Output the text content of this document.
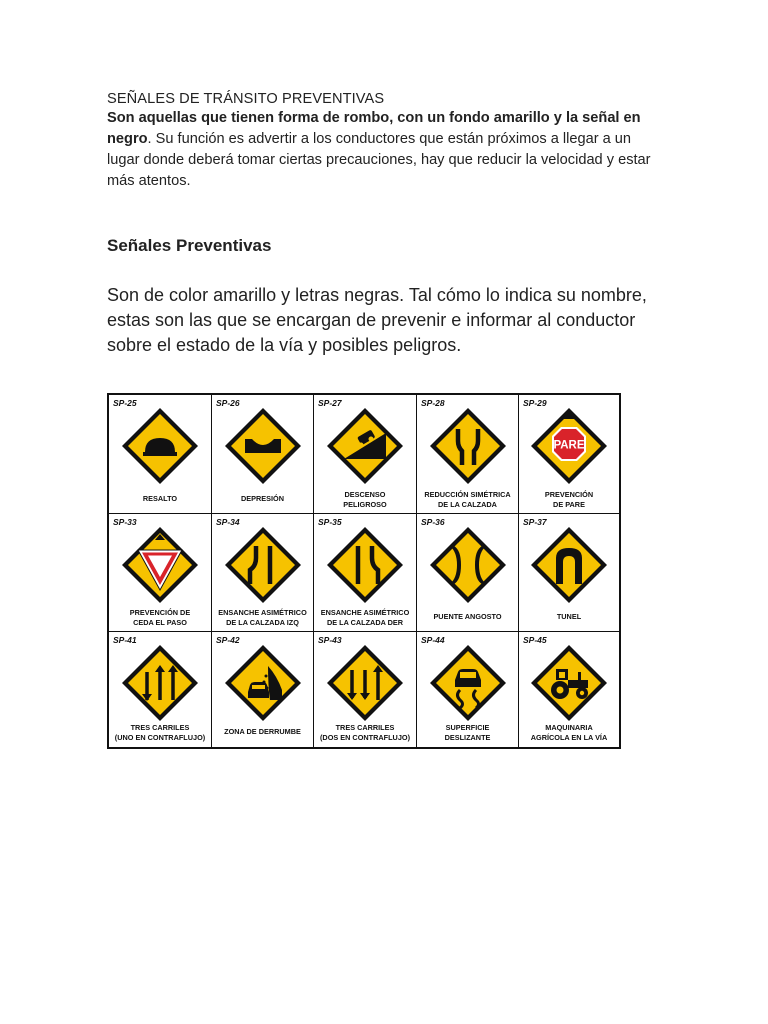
SEÑALES DE TRÁNSITO PREVENTIVAS
Son aquellas que tienen forma de rombo, con un fondo amarillo y la señal en negro. Su función es advertir a los conductores que están próximos a llegar a un lugar donde deberá tomar ciertas precauciones, hay que reducir la velocidad y estar más atentos.
Señales Preventivas
Son de color amarillo y letras negras. Tal cómo lo indica su nombre, estas son las que se encargan de prevenir e informar al conductor sobre el estado de la vía y posibles peligros.
SP-25
RESALTO
SP-26
DEPRESIÓN
SP-27
DESCENSO
PELIGROSO
SP-28
REDUCCIÓN SIMÉTRICA
DE LA CALZADA
SP-29
PARE
PREVENCIÓN
DE PARE
SP-33
PREVENCIÓN DE
CEDA EL PASO
SP-34
ENSANCHE ASIMÉTRICO
DE LA CALZADA IZQ
SP-35
ENSANCHE ASIMÉTRICO
DE LA CALZADA DER
SP-36
PUENTE ANGOSTO
SP-37
TUNEL
SP-41
TRES CARRILES
(UNO EN CONTRAFLUJO)
SP-42
ZONA DE DERRUMBE
SP-43
TRES CARRILES
(DOS EN CONTRAFLUJO)
SP-44
SUPERFICIE
DESLIZANTE
SP-45
MAQUINARIA
AGRÍCOLA EN LA VÍA
